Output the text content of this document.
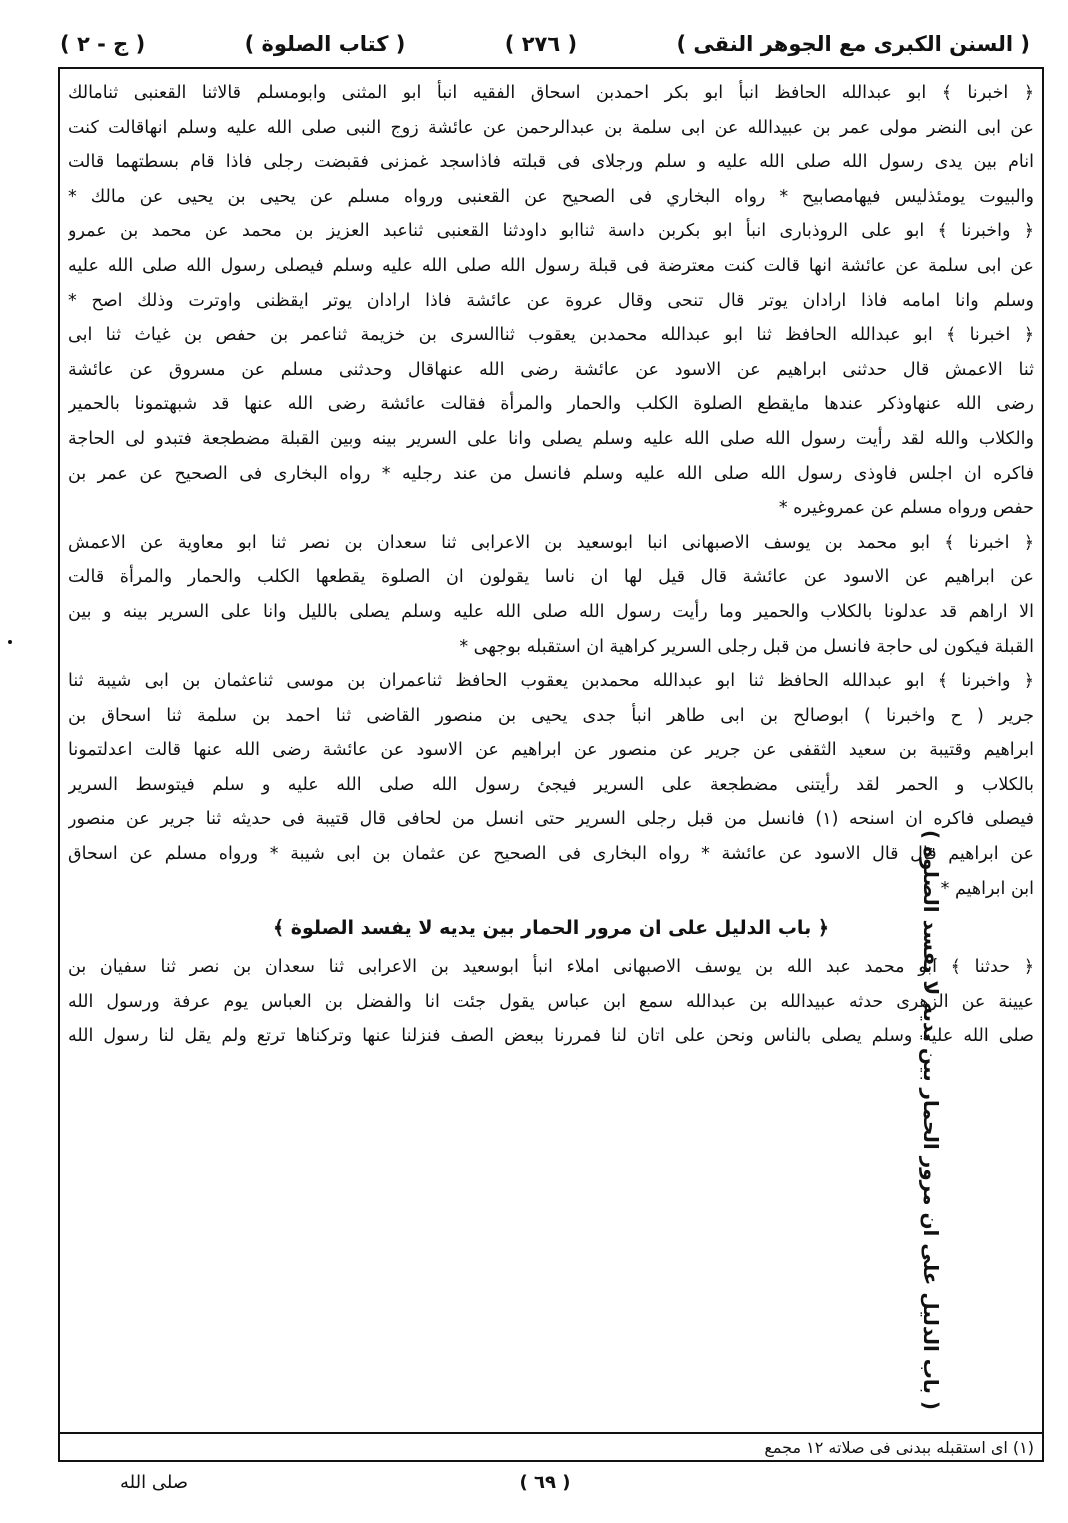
( السنن الكبرى مع الجوهر النقى )
( ٢٧٦ )
( كتاب الصلوة )
( ج - ٢ )
﴿ اخبرنا ﴾ ابو عبدالله الحافظ انبأ ابو بكر احمدبن اسحاق الفقيه انبأ ابو المثنى وابومسلم قالاثنا القعنبى ثنامالك
عن ابى النضر مولى عمر بن عبيدالله عن ابى سلمة بن عبدالرحمن عن عائشة زوج النبى صلى الله عليه وسلم انهاقالت كنت
انام بين يدى رسول الله صلى الله عليه و سلم ورجلاى فى قبلته فاذاسجد غمزنى فقبضت رجلى فاذا قام بسطتهما قالت
والبيوت يومئذليس فيهامصابيح * رواه البخاري فى الصحيح عن القعنبى ورواه مسلم عن يحيى بن يحيى عن مالك *
﴿ واخبرنا ﴾ ابو على الروذبارى انبأ ابو بكربن داسة ثناابو داودثنا القعنبى ثناعبد العزيز بن محمد عن محمد بن عمرو
عن ابى سلمة عن عائشة انها قالت كنت معترضة فى قبلة رسول الله صلى الله عليه وسلم فيصلى رسول الله صلى الله عليه
وسلم وانا امامه فاذا ارادان يوتر قال تنحى وقال عروة عن عائشة فاذا ارادان يوتر ايقظنى واوترت وذلك اصح *
﴿ اخبرنا ﴾ ابو عبدالله الحافظ ثنا ابو عبدالله محمدبن يعقوب ثناالسرى بن خزيمة ثناعمر بن حفص بن غياث ثنا ابى
ثنا الاعمش قال حدثنى ابراهيم عن الاسود عن عائشة رضى الله عنهاقال وحدثنى مسلم عن مسروق عن عائشة
رضى الله عنهاوذكر عندها مايقطع الصلوة الكلب والحمار والمرأة فقالت عائشة رضى الله عنها قد شبهتمونا بالحمير
والكلاب والله لقد رأيت رسول الله صلى الله عليه وسلم يصلى وانا على السرير بينه وبين القبلة مضطجعة فتبدو لى الحاجة
فاكره ان اجلس فاوذى رسول الله صلى الله عليه وسلم فانسل من عند رجليه * رواه البخارى فى الصحيح عن عمر بن
حفص ورواه مسلم عن عمروغيره *
﴿ اخبرنا ﴾ ابو محمد بن يوسف الاصبهانى انبا ابوسعيد بن الاعرابى ثنا سعدان بن نصر ثنا ابو معاوية عن الاعمش
عن ابراهيم عن الاسود عن عائشة قال قيل لها ان ناسا يقولون ان الصلوة يقطعها الكلب والحمار والمرأة قالت
الا اراهم قد عدلونا بالكلاب والحمير وما رأيت رسول الله صلى الله عليه وسلم يصلى بالليل وانا على السرير بينه و بين
القبلة فيكون لى حاجة فانسل من قبل رجلى السرير كراهية ان استقبله بوجهى *
﴿ واخبرنا ﴾ ابو عبدالله الحافظ ثنا ابو عبدالله محمدبن يعقوب الحافظ ثناعمران بن موسى ثناعثمان بن ابى شيبة ثنا
جرير ( ح واخبرنا ) ابوصالح بن ابى طاهر انبأ جدى يحيى بن منصور القاضى ثنا احمد بن سلمة ثنا اسحاق بن
ابراهيم وقتيبة بن سعيد الثقفى عن جرير عن منصور عن ابراهيم عن الاسود عن عائشة رضى الله عنها قالت اعدلتمونا
بالكلاب و الحمر لقد رأيتنى مضطجعة على السرير فيجئ رسول الله صلى الله عليه و سلم فيتوسط السرير
فيصلى فاكره ان اسنحه (١) فانسل من قبل رجلى السرير حتى انسل من لحافى قال قتيبة فى حديثه ثنا جرير عن منصور
عن ابراهيم قال قال الاسود عن عائشة * رواه البخارى فى الصحيح عن عثمان بن ابى شيبة * ورواه مسلم عن اسحاق
ابن ابراهيم *
﴿ باب الدليل على ان مرور الحمار بين يديه لا يفسد الصلوة ﴾
﴿ حدثنا ﴾ ابو محمد عبد الله بن يوسف الاصبهانى املاء انبأ ابوسعيد بن الاعرابى ثنا سعدان بن نصر ثنا سفيان بن
عيينة عن الزهرى حدثه عبيدالله بن عبدالله سمع ابن عباس يقول جئت انا والفضل بن العباس يوم عرفة ورسول الله
صلى الله عليه وسلم يصلى بالناس ونحن على اتان لنا فمررنا ببعض الصف فنزلنا عنها وتركناها ترتع ولم يقل لنا رسول الله
( باب الدليل على ان مرور الحمار بين يديه لا يفسد الصلوة )
(١) اى استقبله ببدنى فى صلاته ١٢ مجمع
( ٦٩ )
صلى الله
